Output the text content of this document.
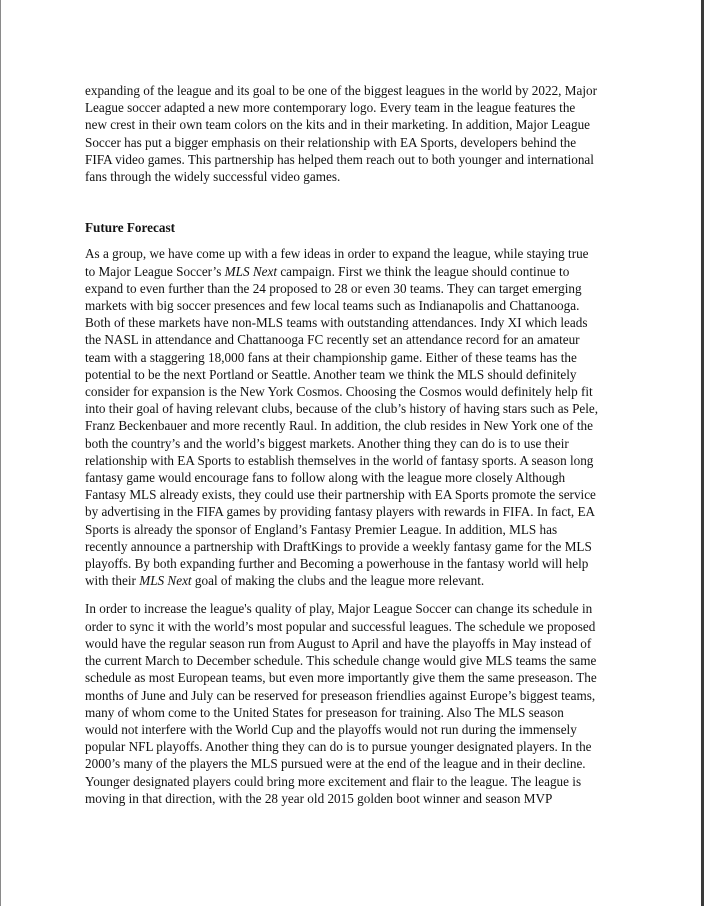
expanding of the league and its goal to be one of the biggest leagues in the world by 2022, Major
League soccer adapted a new more contemporary logo. Every team in the league features the
new crest in their own team colors on the kits and in their marketing. In addition, Major League
Soccer has put a bigger emphasis on their relationship with EA Sports, developers behind the
FIFA video games. This partnership has helped them reach out to both younger and international
fans through the widely successful video games.

Future Forecast

As a group, we have come up with a few ideas in order to expand the league, while staying true
to Major League Soccer’s MLS Next campaign. First we think the league should continue to
expand to even further than the 24 proposed to 28 or even 30 teams. They can target emerging
markets with big soccer presences and few local teams such as Indianapolis and Chattanooga.
Both of these markets have non-MLS teams with outstanding attendances. Indy XI which leads
the NASL in attendance and Chattanooga FC recently set an attendance record for an amateur
team with a staggering 18,000 fans at their championship game. Either of these teams has the
potential to be the next Portland or Seattle. Another team we think the MLS should definitely
consider for expansion is the New York Cosmos. Choosing the Cosmos would definitely help fit
into their goal of having relevant clubs, because of the club’s history of having stars such as Pele,
Franz Beckenbauer and more recently Raul. In addition, the club resides in New York one of the
both the country’s and the world’s biggest markets. Another thing they can do is to use their
relationship with EA Sports to establish themselves in the world of fantasy sports. A season long
fantasy game would encourage fans to follow along with the league more closely Although
Fantasy MLS already exists, they could use their partnership with EA Sports promote the service
by advertising in the FIFA games by providing fantasy players with rewards in FIFA. In fact, EA
Sports is already the sponsor of England’s Fantasy Premier League. In addition, MLS has
recently announce a partnership with DraftKings to provide a weekly fantasy game for the MLS
playoffs. By both expanding further and Becoming a powerhouse in the fantasy world will help
with their MLS Next goal of making the clubs and the league more relevant.

In order to increase the league's quality of play, Major League Soccer can change its schedule in
order to sync it with the world’s most popular and successful leagues. The schedule we proposed
would have the regular season run from August to April and have the playoffs in May instead of
the current March to December schedule. This schedule change would give MLS teams the same
schedule as most European teams, but even more importantly give them the same preseason. The
months of June and July can be reserved for preseason friendlies against Europe’s biggest teams,
many of whom come to the United States for preseason for training. Also The MLS season
would not interfere with the World Cup and the playoffs would not run during the immensely
popular NFL playoffs. Another thing they can do is to pursue younger designated players. In the
2000’s many of the players the MLS pursued were at the end of the league and in their decline.
Younger designated players could bring more excitement and flair to the league. The league is
moving in that direction, with the 28 year old 2015 golden boot winner and season MVP
